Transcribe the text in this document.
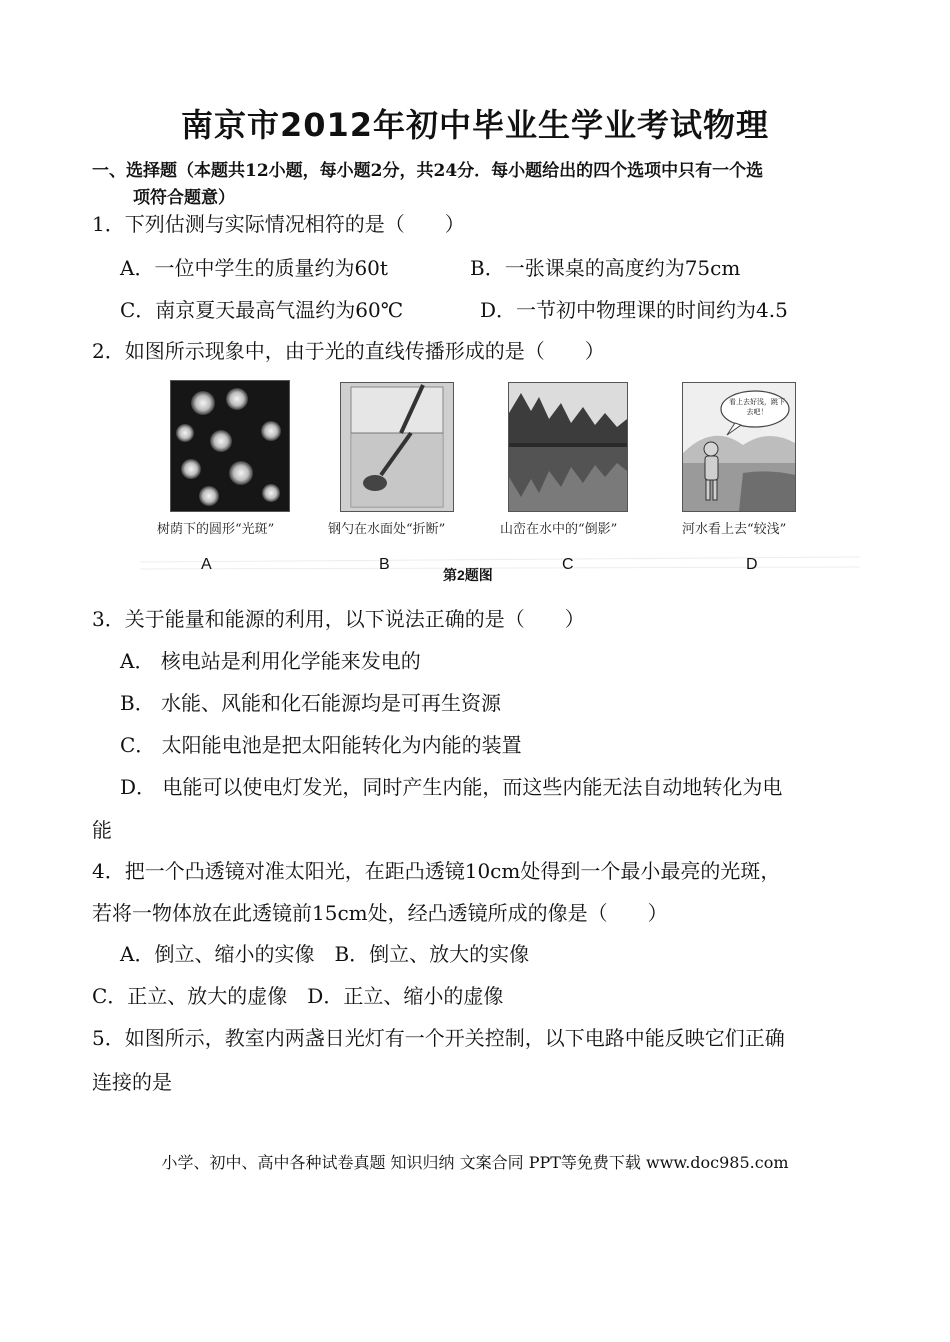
南京市2012年初中毕业生学业考试物理
一、选择题（本题共12小题，每小题2分，共24分．每小题给出的四个选项中只有一个选
项符合题意）
1．下列估测与实际情况相符的是（　　）
A．一位中学生的质量约为60t	B．一张课桌的高度约为75cm
C．南京夏天最高气温约为60℃	D．一节初中物理课的时间约为4.5
2．如图所示现象中，由于光的直线传播形成的是（　　）
看上去好浅，跳下去吧！
树荫下的圆形“光斑”	钢勺在水面处“折断”	山峦在水中的“倒影”	河水看上去“较浅”
A	B	C	D
第2题图
3．关于能量和能源的利用，以下说法正确的是（　　）
A． 核电站是利用化学能来发电的
B． 水能、风能和化石能源均是可再生资源
C． 太阳能电池是把太阳能转化为内能的装置
D． 电能可以使电灯发光，同时产生内能，而这些内能无法自动地转化为电
能
4．把一个凸透镜对准太阳光，在距凸透镜10cm处得到一个最小最亮的光斑，
若将一物体放在此透镜前15cm处，经凸透镜所成的像是（　　）
A．倒立、缩小的实像　B．倒立、放大的实像
C．正立、放大的虚像　D．正立、缩小的虚像
5．如图所示，教室内两盏日光灯有一个开关控制，以下电路中能反映它们正确
连接的是
小学、初中、高中各种试卷真题 知识归纳 文案合同 PPT等免费下载 www.doc985.com
